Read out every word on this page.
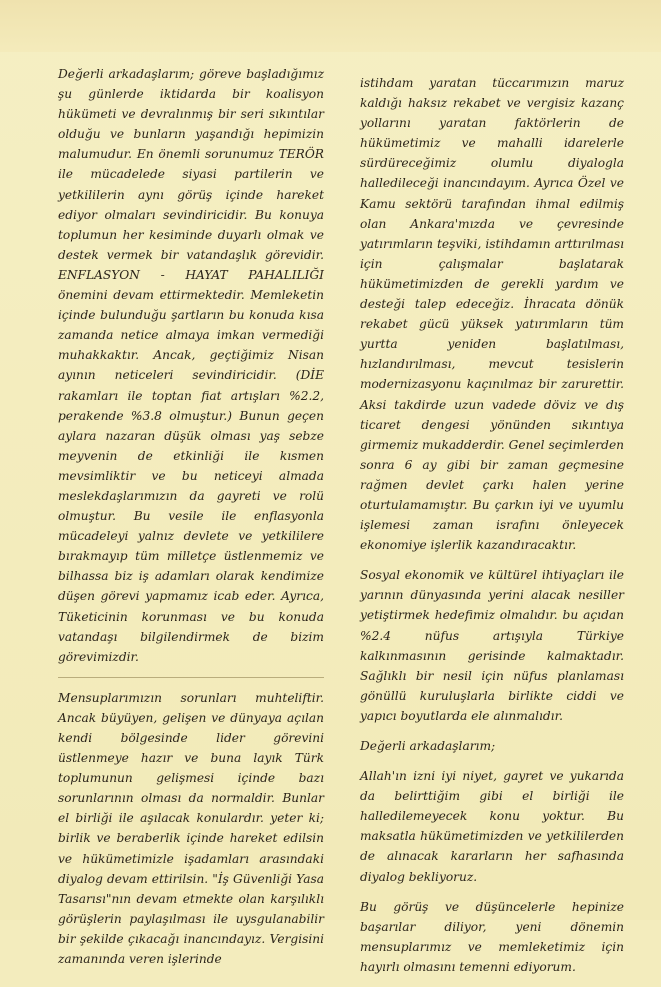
Değerli arkadaşlarım; göreve başladığımız şu günlerde iktidarda bir koalisyon hükümeti ve devralınmış bir seri sıkıntılar olduğu ve bunların yaşandığı hepimizin malumudur. En önemli sorunumuz TERÖR ile mücadelede siyasi partilerin ve yetkililerin aynı görüş içinde hareket ediyor olmaları sevindiricidir. Bu konuya toplumun her kesiminde duyarlı olmak ve destek vermek bir vatandaşlık görevidir. ENFLASYON - HAYAT PAHALILIĞI önemini devam ettirmektedir. Memleketin içinde bulunduğu şartların bu konuda kısa zamanda netice almaya imkan vermediği muhakkaktır. Ancak, geçtiğimiz Nisan ayının neticeleri sevindiricidir. (DİE rakamları ile toptan fiat artışları %2.2, perakende %3.8 olmuştur.) Bunun geçen aylara nazaran düşük olması yaş sebze meyvenin de etkinliği ile kısmen mevsimliktir ve bu neticeyi almada meslekdaşlarımızın da gayreti ve rolü olmuştur. Bu vesile ile enflasyonla mücadeleyi yalnız devlete ve yetkililere bırakmayıp tüm milletçe üstlenmemiz ve bilhassa biz iş adamları olarak kendimize düşen görevi yapmamız icab eder. Ayrıca, Tüketicinin korunması ve bu konuda vatandaşı bilgilendirmek de bizim görevimizdir.

Mensuplarımızın sorunları muhteliftir. Ancak büyüyen, gelişen ve dünyaya açılan kendi bölgesinde lider görevini üstlenmeye hazır ve buna layık Türk toplumunun gelişmesi içinde bazı sorunlarının olması da normaldir. Bunlar el birliği ile aşılacak konulardır. yeter ki; birlik ve beraberlik içinde hareket edilsin ve hükümetimizle işadamları arasındaki diyalog devam ettirilsin. "İş Güvenliği Yasa Tasarısı"nın devam etmekte olan karşılıklı görüşlerin paylaşılması ile uysgulanabilir bir şekilde çıkacağı inancındayız. Vergisini zamanında veren işlerinde

istihdam yaratan tüccarımızın maruz kaldığı haksız rekabet ve vergisiz kazanç yollarını yaratan faktörlerin de hükümetimiz ve mahalli idarelerle sürdüreceğimiz olumlu diyalogla halledileceği inancındayım. Ayrıca Özel ve Kamu sektörü tarafından ihmal edilmiş olan Ankara'mızda ve çevresinde yatırımların teşviki, istihdamın arttırılması için çalışmalar başlatarak hükümetimizden de gerekli yardım ve desteği talep edeceğiz. İhracata dönük rekabet gücü yüksek yatırımların tüm yurtta yeniden başlatılması, hızlandırılması, mevcut tesislerin modernizasyonu kaçınılmaz bir zarurettir. Aksi takdirde uzun vadede döviz ve dış ticaret dengesi yönünden sıkıntıya girmemiz mukadderdir. Genel seçimlerden sonra 6 ay gibi bir zaman geçmesine rağmen devlet çarkı halen yerine oturtulamamıştır. Bu çarkın iyi ve uyumlu işlemesi zaman israfını önleyecek ekonomiye işlerlik kazandıracaktır.

Sosyal ekonomik ve kültürel ihtiyaçları ile yarının dünyasında yerini alacak nesiller yetiştirmek hedefimiz olmalıdır. bu açıdan %2.4 nüfus artışıyla Türkiye kalkınmasının gerisinde kalmaktadır. Sağlıklı bir nesil için nüfus planlaması gönüllü kuruluşlarla birlikte ciddi ve yapıcı boyutlarda ele alınmalıdır.

Değerli arkadaşlarım;

Allah'ın izni iyi niyet, gayret ve yukarıda da belirttiğim gibi el birliği ile halledilemeyecek konu yoktur. Bu maksatla hükümetimizden ve yetkililerden de alınacak kararların her safhasında diyalog bekliyoruz.

Bu görüş ve düşüncelerle hepinize başarılar diliyor, yeni dönemin mensuplarımız ve memleketimiz için hayırlı olmasını temenni ediyorum.
